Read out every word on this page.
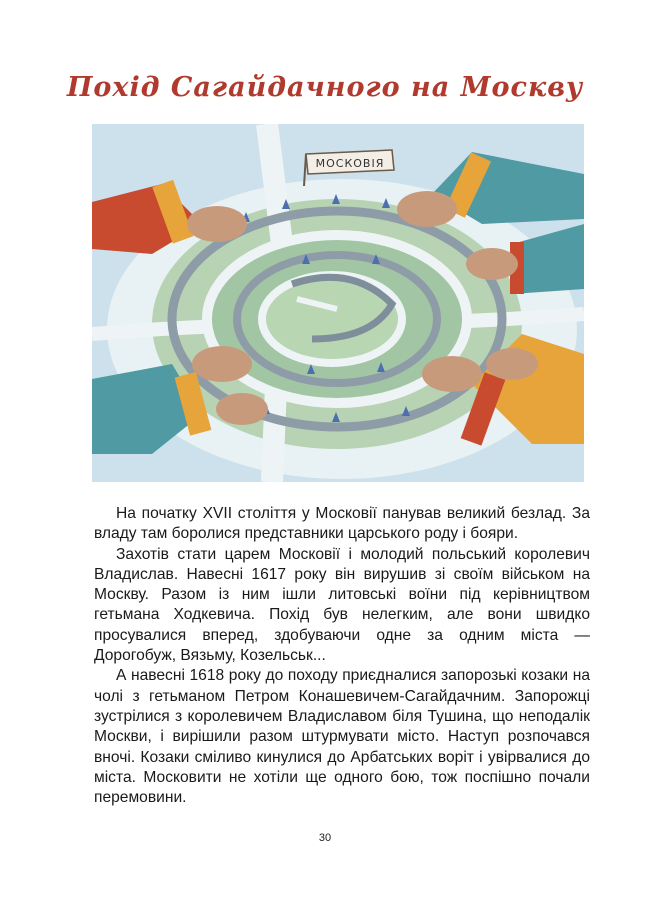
Похід Сагайдачного на Москву
МОСКОВІЯ

На початку XVII століття у Московії панував великий безлад. За владу там боролися представники царського роду і бояри.

Захотів стати царем Московії і молодий польський королевич Владислав. Навесні 1617 року він вирушив зі своїм військом на Москву. Разом із ним ішли литовські воїни під керівництвом гетьмана Ходкевича. Похід був нелегким, але вони швидко просувалися вперед, здобуваючи одне за одним міста — Дорогобуж, Вязьму, Козельськ...

А навесні 1618 року до походу приєдналися запорозькі козаки на чолі з гетьманом Петром Конашевичем-Сагайдачним. Запорожці зустрілися з королевичем Владиславом біля Тушина, що неподалік Москви, і вирішили разом штурмувати місто. Наступ розпочався вночі. Козаки сміливо кинулися до Арбатських воріт і увірвалися до міста. Московити не хотіли ще одного бою, тож поспішно почали перемовини.

30
